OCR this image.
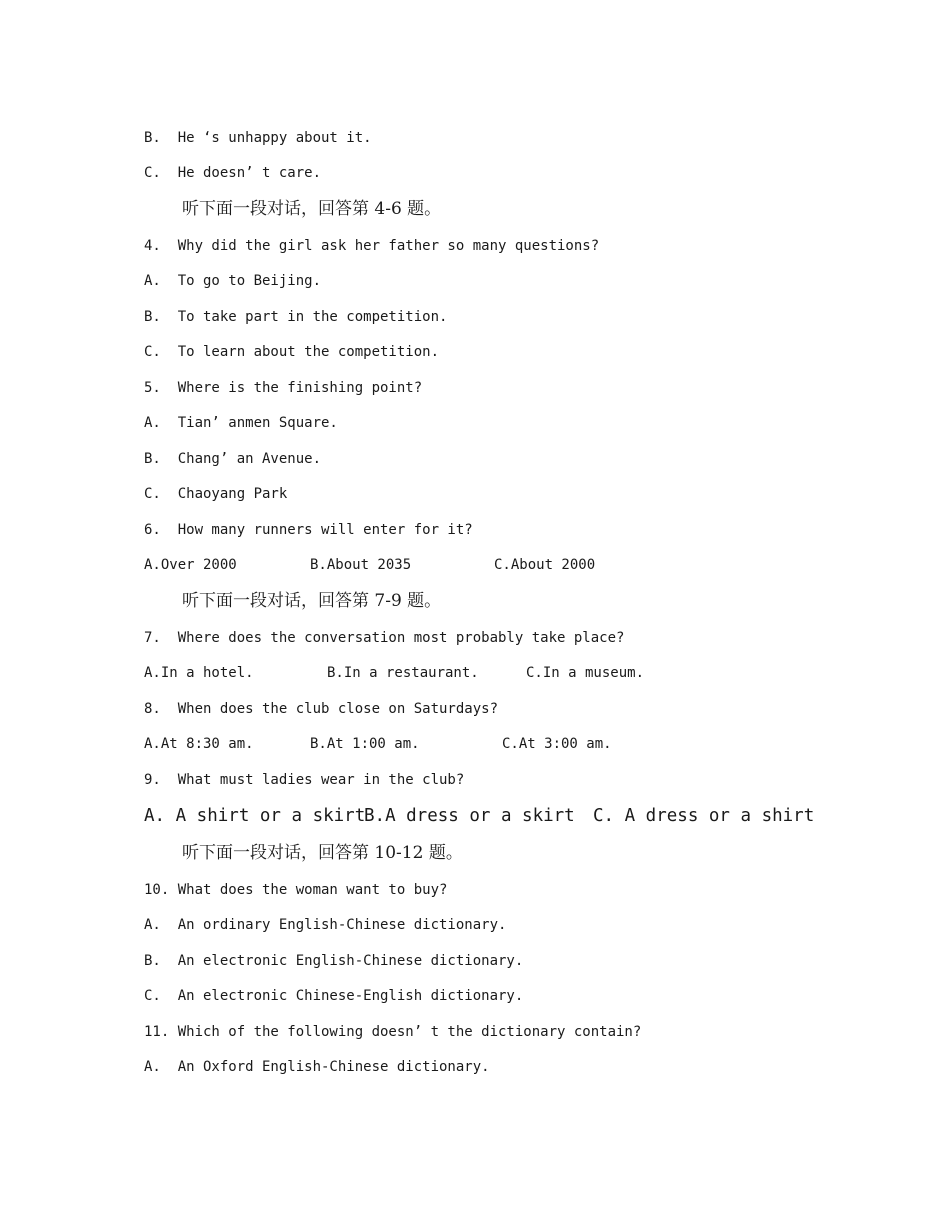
B.  He ‘s unhappy about it.
C.  He doesn’ t care.
听下面一段对话，回答第 4-6 题。
4.  Why did the girl ask her father so many questions?
A.  To go to Beijing.
B.  To take part in the competition.
C.  To learn about the competition.
5.  Where is the finishing point?
A.  Tian’ anmen Square.
B.  Chang’ an Avenue.
C.  Chaoyang Park
6.  How many runners will enter for it?
A.Over 2000	B.About 2035	C.About 2000
听下面一段对话，回答第 7-9 题。
7.  Where does the conversation most probably take place?
A.In a hotel.	B.In a restaurant.	C.In a museum.
8.  When does the club close on Saturdays?
A.At 8:30 am.	B.At 1:00 am.	C.At 3:00 am.
9.  What must ladies wear in the club?
A. A shirt or a skirt
B.A dress or a skirt C. A dress or a shirt
听下面一段对话，回答第 10-12 题。
10. What does the woman want to buy?
A.  An ordinary English-Chinese dictionary.
B.  An electronic English-Chinese dictionary.
C.  An electronic Chinese-English dictionary.
11. Which of the following doesn’ t the dictionary contain?
A.  An Oxford English-Chinese dictionary.
